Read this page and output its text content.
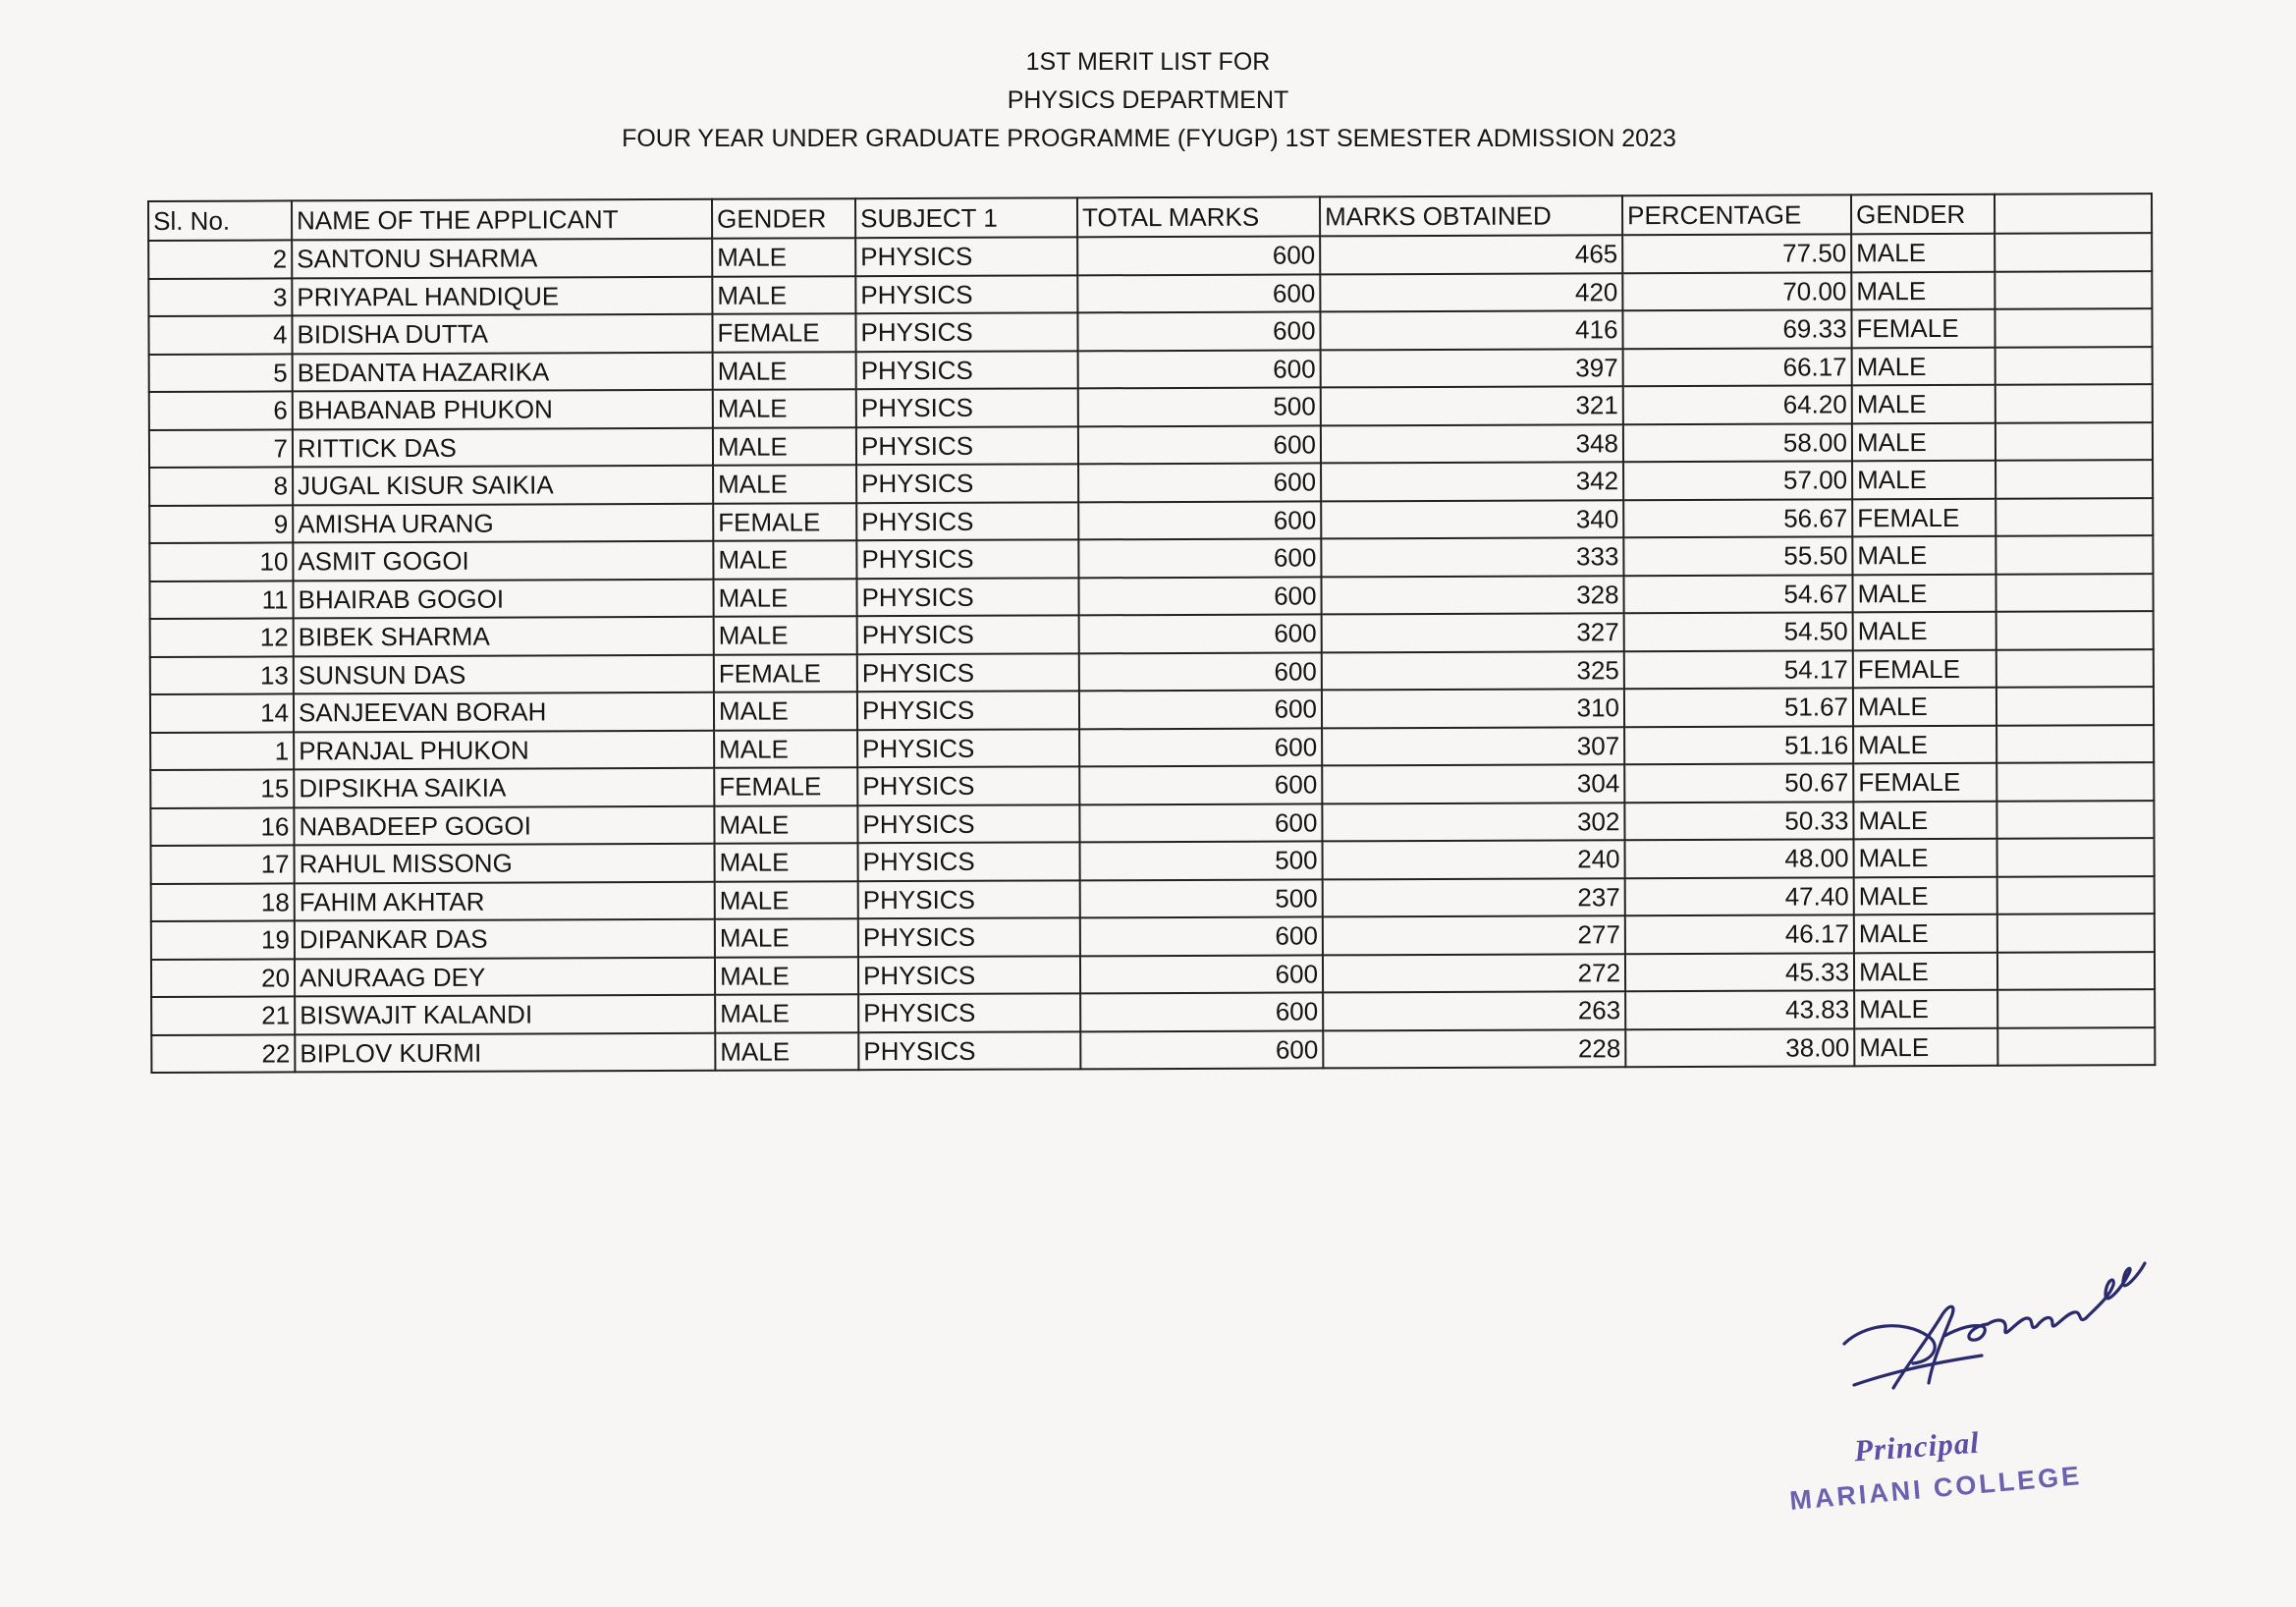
1ST MERIT LIST FOR
PHYSICS DEPARTMENT
FOUR YEAR UNDER GRADUATE PROGRAMME (FYUGP) 1ST SEMESTER ADMISSION 2023
Sl. No.	NAME OF THE APPLICANT	GENDER	SUBJECT 1	TOTAL MARKS	MARKS OBTAINED	PERCENTAGE	GENDER	
2	SANTONU SHARMA	MALE	PHYSICS	600	465	77.50	MALE	
3	PRIYAPAL HANDIQUE	MALE	PHYSICS	600	420	70.00	MALE	
4	BIDISHA DUTTA	FEMALE	PHYSICS	600	416	69.33	FEMALE	
5	BEDANTA HAZARIKA	MALE	PHYSICS	600	397	66.17	MALE	
6	BHABANAB PHUKON	MALE	PHYSICS	500	321	64.20	MALE	
7	RITTICK DAS	MALE	PHYSICS	600	348	58.00	MALE	
8	JUGAL KISUR SAIKIA	MALE	PHYSICS	600	342	57.00	MALE	
9	AMISHA URANG	FEMALE	PHYSICS	600	340	56.67	FEMALE	
10	ASMIT GOGOI	MALE	PHYSICS	600	333	55.50	MALE	
11	BHAIRAB GOGOI	MALE	PHYSICS	600	328	54.67	MALE	
12	BIBEK SHARMA	MALE	PHYSICS	600	327	54.50	MALE	
13	SUNSUN DAS	FEMALE	PHYSICS	600	325	54.17	FEMALE	
14	SANJEEVAN BORAH	MALE	PHYSICS	600	310	51.67	MALE	
1	PRANJAL PHUKON	MALE	PHYSICS	600	307	51.16	MALE	
15	DIPSIKHA SAIKIA	FEMALE	PHYSICS	600	304	50.67	FEMALE	
16	NABADEEP GOGOI	MALE	PHYSICS	600	302	50.33	MALE	
17	RAHUL MISSONG	MALE	PHYSICS	500	240	48.00	MALE	
18	FAHIM AKHTAR	MALE	PHYSICS	500	237	47.40	MALE	
19	DIPANKAR DAS	MALE	PHYSICS	600	277	46.17	MALE	
20	ANURAAG DEY	MALE	PHYSICS	600	272	45.33	MALE	
21	BISWAJIT KALANDI	MALE	PHYSICS	600	263	43.83	MALE	
22	BIPLOV KURMI	MALE	PHYSICS	600	228	38.00	MALE	
Principal
MARIANI COLLEGE
